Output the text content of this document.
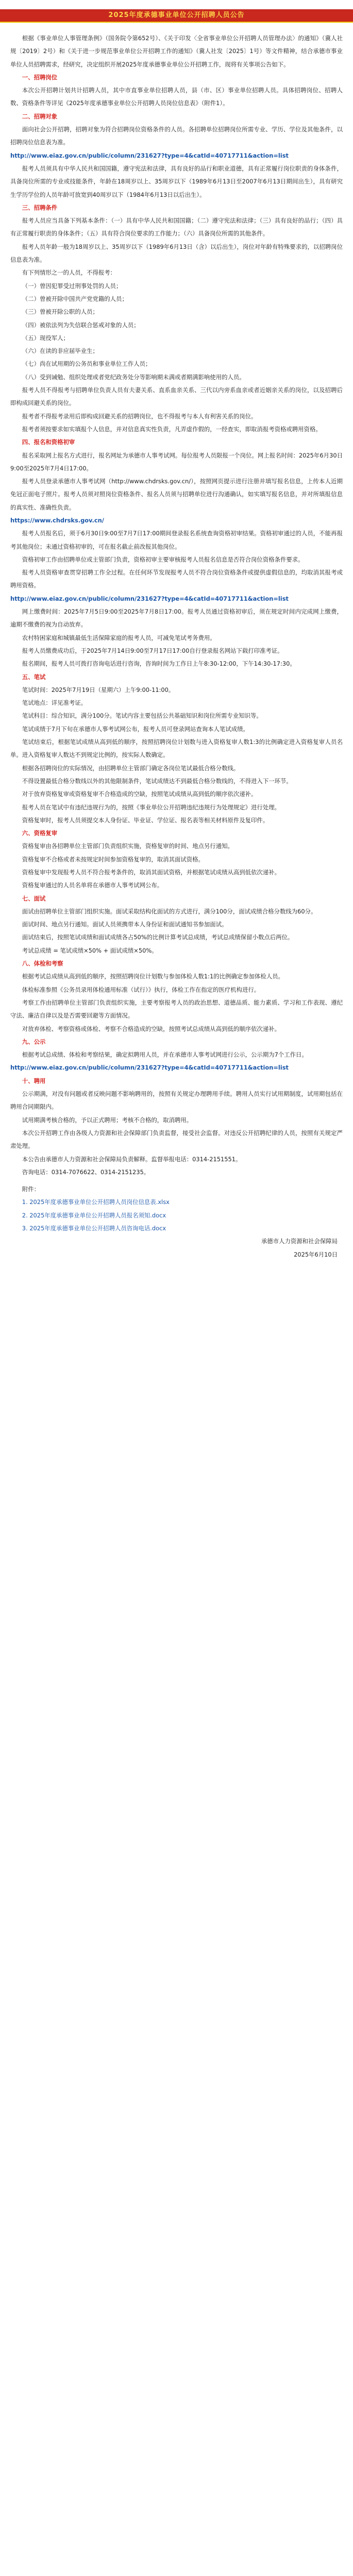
2025年度承德事业单位公开招聘人员公告

根据《事业单位人事管理条例》（国务院令第652号）、《关于印发〈全省事业单位公开招聘人员管理办法〉的通知》（冀人社规〔2019〕2号）和《关于进一步规范事业单位公开招聘工作的通知》（冀人社发〔2025〕1号）等文件精神，结合承德市事业单位人员招聘需求，经研究，决定组织开展2025年度承德事业单位公开招聘工作，现将有关事项公告如下。

一、招聘岗位

本次公开招聘计划共计招聘人员，其中市直事业单位招聘人员，县（市、区）事业单位招聘人员。具体招聘岗位、招聘人数、资格条件等详见《2025年度承德事业单位公开招聘人员岗位信息表》（附件1）。

二、招聘对象

面向社会公开招聘，招聘对象为符合招聘岗位资格条件的人员。各招聘单位招聘岗位所需专业、学历、学位及其他条件，以招聘岗位信息表为准。

http://www.eiaz.gov.cn/public/column/231627?type=4&catId=40717711&action=list

报考人员须具有中华人民共和国国籍，遵守宪法和法律，具有良好的品行和职业道德，具有正常履行岗位职责的身体条件，具备岗位所需的专业或技能条件，年龄在18周岁以上、35周岁以下（1989年6月13日至2007年6月13日期间出生），具有研究生学历学位的人员年龄可放宽到40周岁以下（1984年6月13日以后出生）。

三、招聘条件

报考人员应当具备下列基本条件：（一）具有中华人民共和国国籍；（二）遵守宪法和法律；（三）具有良好的品行；（四）具有正常履行职责的身体条件；（五）具有符合岗位要求的工作能力；（六）具备岗位所需的其他条件。

报考人员年龄一般为18周岁以上、35周岁以下（1989年6月13日（含）以后出生），岗位对年龄有特殊要求的，以招聘岗位信息表为准。

有下列情形之一的人员，不得报考：

（一）曾因犯罪受过刑事处罚的人员；

（二）曾被开除中国共产党党籍的人员；

（三）曾被开除公职的人员；

（四）被依法列为失信联合惩戒对象的人员；

（五）现役军人；

（六）在读的非应届毕业生；

（七）尚在试用期的公务员和事业单位工作人员；

（八）受到诫勉、组织处理或者党纪政务处分等影响期未满或者期满影响使用的人员。

报考人员不得报考与招聘单位负责人员有夫妻关系、直系血亲关系、三代以内旁系血亲或者近姻亲关系的岗位，以及招聘后即构成回避关系的岗位。

报考者不得报考录用后即构成回避关系的招聘岗位，也不得报考与本人有利害关系的岗位。

报考者须按要求如实填报个人信息，并对信息真实性负责，凡弄虚作假的，一经查实，即取消报考资格或聘用资格。

四、报名和资格初审

报名采取网上报名方式进行，报名网址为承德市人事考试网。每位报考人员限报一个岗位。网上报名时间：2025年6月30日9:00至2025年7月4日17:00。

报考人员登录承德市人事考试网（http://www.chdrsks.gov.cn/），按照网页提示进行注册并填写报名信息，上传本人近期免冠正面电子照片。报考人员须对照岗位资格条件、报名人员须与招聘单位进行沟通确认，如实填写报名信息，并对所填报信息的真实性、准确性负责。

https://www.chdrsks.gov.cn/

报考人员报名后，须于6月30日9:00至7月7日17:00期间登录报名系统查询资格初审结果。资格初审通过的人员，不能再报考其他岗位；未通过资格初审的，可在报名截止前改报其他岗位。

资格初审工作由招聘单位或主管部门负责，资格初审主要审核报考人员报名信息是否符合岗位资格条件要求。

报考人员资格审查贯穿招聘工作全过程。在任何环节发现报考人员不符合岗位资格条件或提供虚假信息的，均取消其报考或聘用资格。

http://www.eiaz.gov.cn/public/column/231627?type=4&catId=40717711&action=list

网上缴费时间：2025年7月5日9:00至2025年7月8日17:00。报考人员通过资格初审后，须在规定时间内完成网上缴费，逾期不缴费的视为自动放弃。

农村特困家庭和城镇最低生活保障家庭的报考人员，可减免笔试考务费用。

报考人员缴费成功后，于2025年7月14日9:00至7月17日17:00自行登录报名网站下载打印准考证。

报名期间，报考人员可拨打咨询电话进行咨询，咨询时间为工作日上午8:30-12:00，下午14:30-17:30。

五、笔试

笔试时间：2025年7月19日（星期六）上午9:00-11:00。

笔试地点：详见准考证。

笔试科目：综合知识，满分100分。笔试内容主要包括公共基础知识和岗位所需专业知识等。

笔试成绩于7月下旬在承德市人事考试网公布，报考人员可登录网站查询本人笔试成绩。

笔试结束后，根据笔试成绩从高到低的顺序，按照招聘岗位计划数与进入资格复审人数1:3的比例确定进入资格复审人员名单。进入资格复审人数达不到规定比例的，按实际人数确定。

根据各招聘岗位的实际情况，由招聘单位主管部门确定各岗位笔试最低合格分数线。

不得设置最低合格分数线以外的其他限制条件，笔试成绩达不到最低合格分数线的，不得进入下一环节。

对于放弃资格复审或资格复审不合格造成的空缺，按照笔试成绩从高到低的顺序依次递补。

报考人员在笔试中有违纪违规行为的，按照《事业单位公开招聘违纪违规行为处理规定》进行处理。

资格复审时，报考人员须提交本人身份证、毕业证、学位证、报名表等相关材料原件及复印件。

六、资格复审

资格复审由各招聘单位主管部门负责组织实施，资格复审的时间、地点另行通知。

资格复审不合格或者未按规定时间参加资格复审的，取消其面试资格。

资格复审中发现报考人员不符合报考条件的，取消其面试资格，并根据笔试成绩从高到低依次递补。

资格复审通过的人员名单将在承德市人事考试网公布。

七、面试

面试由招聘单位主管部门组织实施。面试采取结构化面试的方式进行，满分100分，面试成绩合格分数线为60分。

面试时间、地点另行通知。面试人员须携带本人身份证和面试通知书参加面试。

面试结束后，按照笔试成绩和面试成绩各占50%的比例计算考试总成绩，考试总成绩保留小数点后两位。

考试总成绩 = 笔试成绩×50% + 面试成绩×50%。

八、体检和考察

根据考试总成绩从高到低的顺序，按照招聘岗位计划数与参加体检人数1:1的比例确定参加体检人员。

体检标准参照《公务员录用体检通用标准（试行）》执行，体检工作在指定的医疗机构进行。

考察工作由招聘单位主管部门负责组织实施，主要考察报考人员的政治思想、道德品质、能力素质、学习和工作表现、遵纪守法、廉洁自律以及是否需要回避等方面情况。

对放弃体检、考察资格或体检、考察不合格造成的空缺，按照考试总成绩从高到低的顺序依次递补。

九、公示

根据考试总成绩、体检和考察结果，确定拟聘用人员，并在承德市人事考试网进行公示，公示期为7个工作日。

http://www.eiaz.gov.cn/public/column/231627?type=4&catId=40717711&action=list

十、聘用

公示期满，对没有问题或者反映问题不影响聘用的，按照有关规定办理聘用手续。聘用人员实行试用期制度，试用期包括在聘用合同期限内。

试用期满考核合格的，予以正式聘用；考核不合格的，取消聘用。

本次公开招聘工作由各级人力资源和社会保障部门负责监督，接受社会监督。对违反公开招聘纪律的人员，按照有关规定严肃处理。

本公告由承德市人力资源和社会保障局负责解释。监督举报电话：0314-2151551。

咨询电话：0314-7076622、0314-2151235。

附件：

1. 2025年度承德事业单位公开招聘人员岗位信息表.xlsx

2. 2025年度承德事业单位公开招聘人员报名须知.docx

3. 2025年度承德事业单位公开招聘人员咨询电话.docx

承德市人力资源和社会保障局

2025年6月10日
